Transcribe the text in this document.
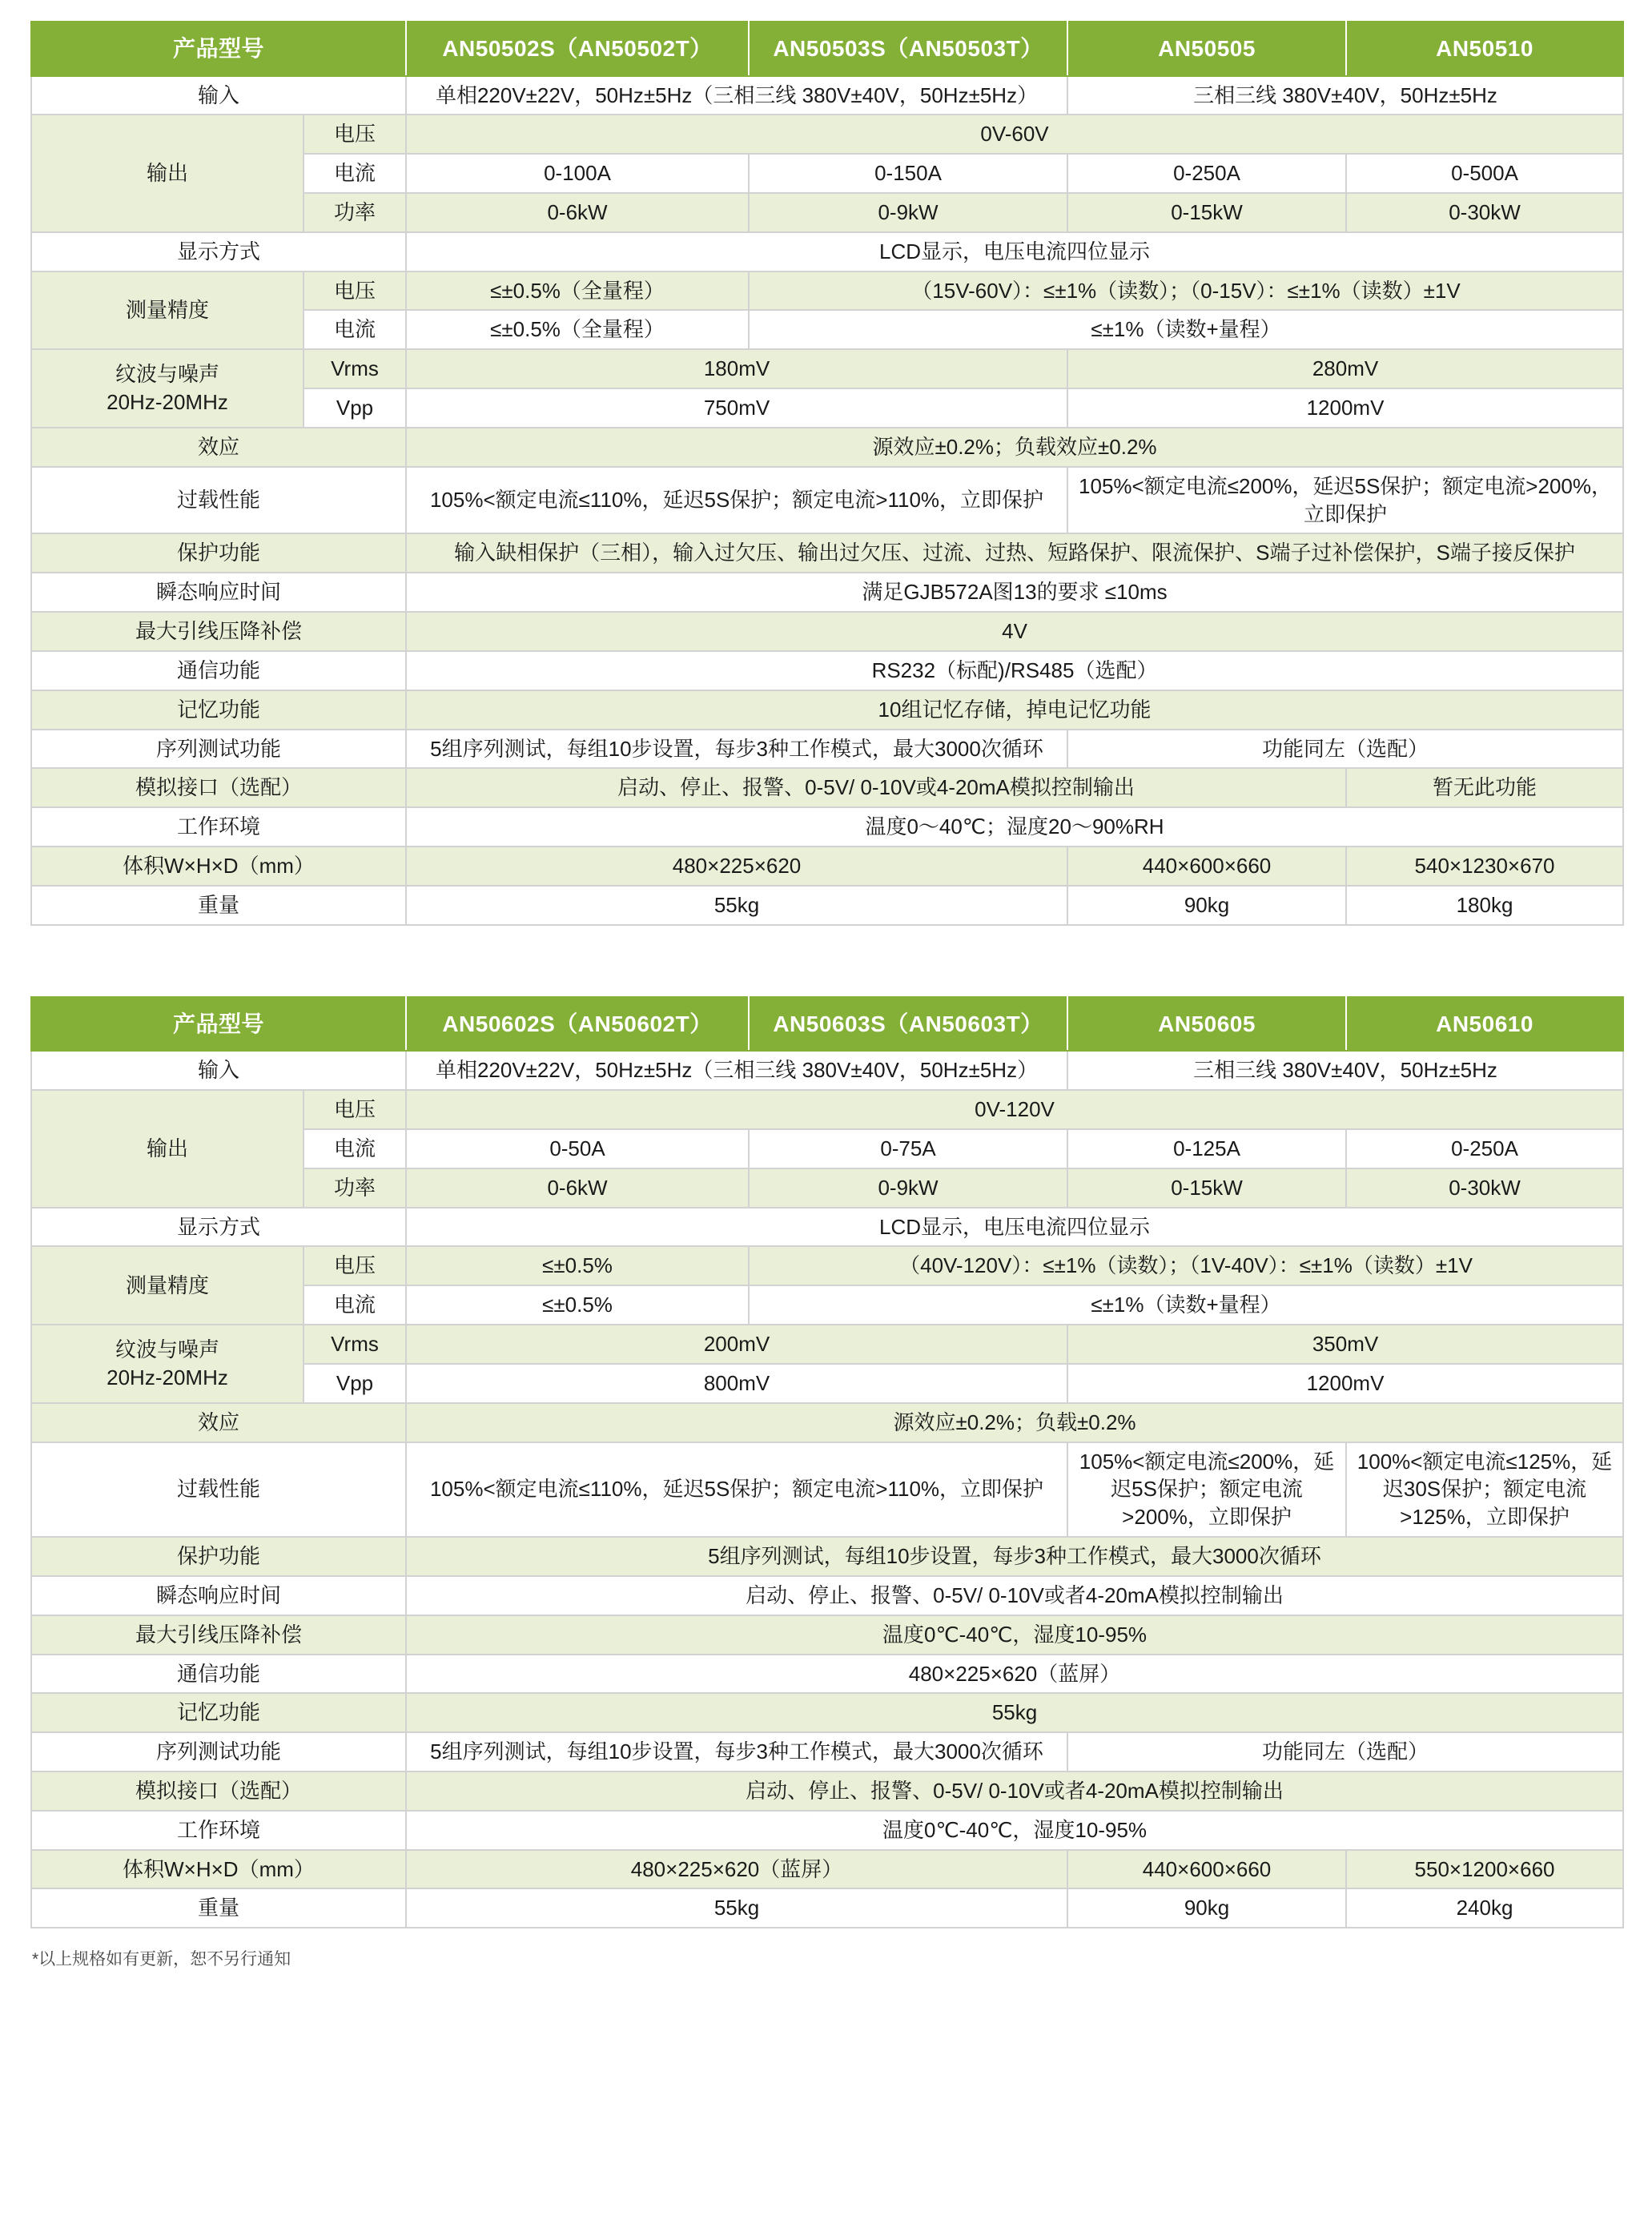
产品型号		AN50502S（AN50502T）	AN50503S（AN50503T）	AN50505	AN50510
输入		单相220V±22V，50Hz±5Hz（三相三线 380V±40V，50Hz±5Hz）		三相三线 380V±40V，50Hz±5Hz	
输出	电压	0V-60V			
	电流	0-100A	0-150A	0-250A	0-500A
	功率	0-6kW	0-9kW	0-15kW	0-30kW
显示方式		LCD显示，电压电流四位显示			
测量精度	电压	≤±0.5%（全量程）	（15V-60V）：≤±1%（读数）；（0-15V）：≤±1%（读数）±1V		
	电流	≤±0.5%（全量程）	≤±1%（读数+量程）		

纹波与噪声
20Hz-20MHz	Vrms	180mV		280mV	
	Vpp	750mV		1200mV	
效应		源效应±0.2%；负载效应±0.2%			
过载性能		105%<额定电流≤110%，延迟5S保护；额定电流>110%，立即保护		105%<额定电流≤200%，延迟5S保护；额定电流>200%，立即保护	
保护功能		输入缺相保护（三相），输入过欠压、输出过欠压、过流、过热、短路保护、限流保护、S端子过补偿保护，S端子接反保护			
瞬态响应时间		满足GJB572A图13的要求 ≤10ms			
最大引线压降补偿		4V			
通信功能		RS232（标配)/RS485（选配）			
记忆功能		10组记忆存储，掉电记忆功能			
序列测试功能		5组序列测试，每组10步设置，每步3种工作模式，最大3000次循环		功能同左（选配）	
模拟接口（选配）		启动、停止、报警、0-5V/ 0-10V或4-20mA模拟控制输出			暂无此功能
工作环境		温度0～40℃；湿度20～90%RH			
体积W×H×D（mm）		480×225×620		440×600×660	540×1230×670
重量		55kg		90kg	180kg
产品型号		AN50602S（AN50602T）	AN50603S（AN50603T）	AN50605	AN50610
输入		单相220V±22V，50Hz±5Hz（三相三线 380V±40V，50Hz±5Hz）		三相三线 380V±40V，50Hz±5Hz	
输出	电压	0V-120V			
	电流	0-50A	0-75A	0-125A	0-250A
	功率	0-6kW	0-9kW	0-15kW	0-30kW
显示方式		LCD显示，电压电流四位显示			
测量精度	电压	≤±0.5%	（40V-120V）：≤±1%（读数）；（1V-40V）：≤±1%（读数）±1V		
	电流	≤±0.5%	≤±1%（读数+量程）		

纹波与噪声
20Hz-20MHz	Vrms	200mV		350mV	
	Vpp	800mV		1200mV	
效应		源效应±0.2%；负载±0.2%			
过载性能		105%<额定电流≤110%，延迟5S保护；额定电流>110%，立即保护		105%<额定电流≤200%，延迟5S保护；额定电流>200%，立即保护	100%<额定电流≤125%，延迟30S保护；额定电流>125%，立即保护
保护功能		5组序列测试，每组10步设置，每步3种工作模式，最大3000次循环			
瞬态响应时间		启动、停止、报警、0-5V/ 0-10V或者4-20mA模拟控制输出			
最大引线压降补偿		温度0℃-40℃，湿度10-95%			
通信功能		480×225×620（蓝屏）			
记忆功能		55kg			
序列测试功能		5组序列测试，每组10步设置，每步3种工作模式，最大3000次循环		功能同左（选配）	
模拟接口（选配）		启动、停止、报警、0-5V/ 0-10V或者4-20mA模拟控制输出			
工作环境		温度0℃-40℃，湿度10-95%			
体积W×H×D（mm）		480×225×620（蓝屏）		440×600×660	550×1200×660
重量		55kg		90kg	240kg
*以上规格如有更新，恕不另行通知
